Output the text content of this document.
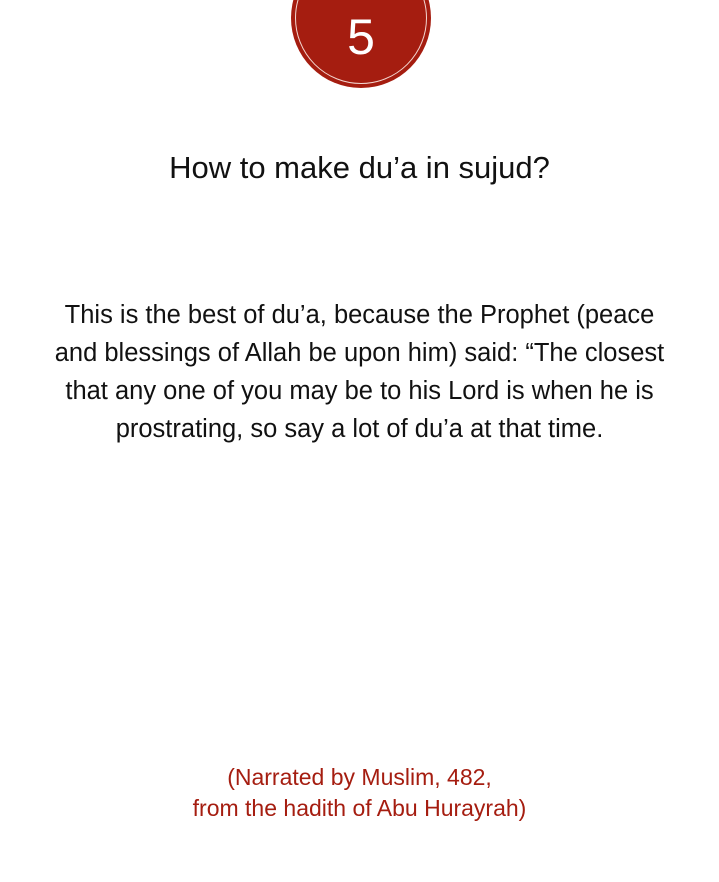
5
How to make du’a in sujud?
This is the best of du’a, because the Prophet (peace and blessings of Allah be upon him) said: “The closest that any one of you may be to his Lord is when he is prostrating, so say a lot of du’a at that time.
(Narrated by Muslim, 482,
from the hadith of Abu Hurayrah)
